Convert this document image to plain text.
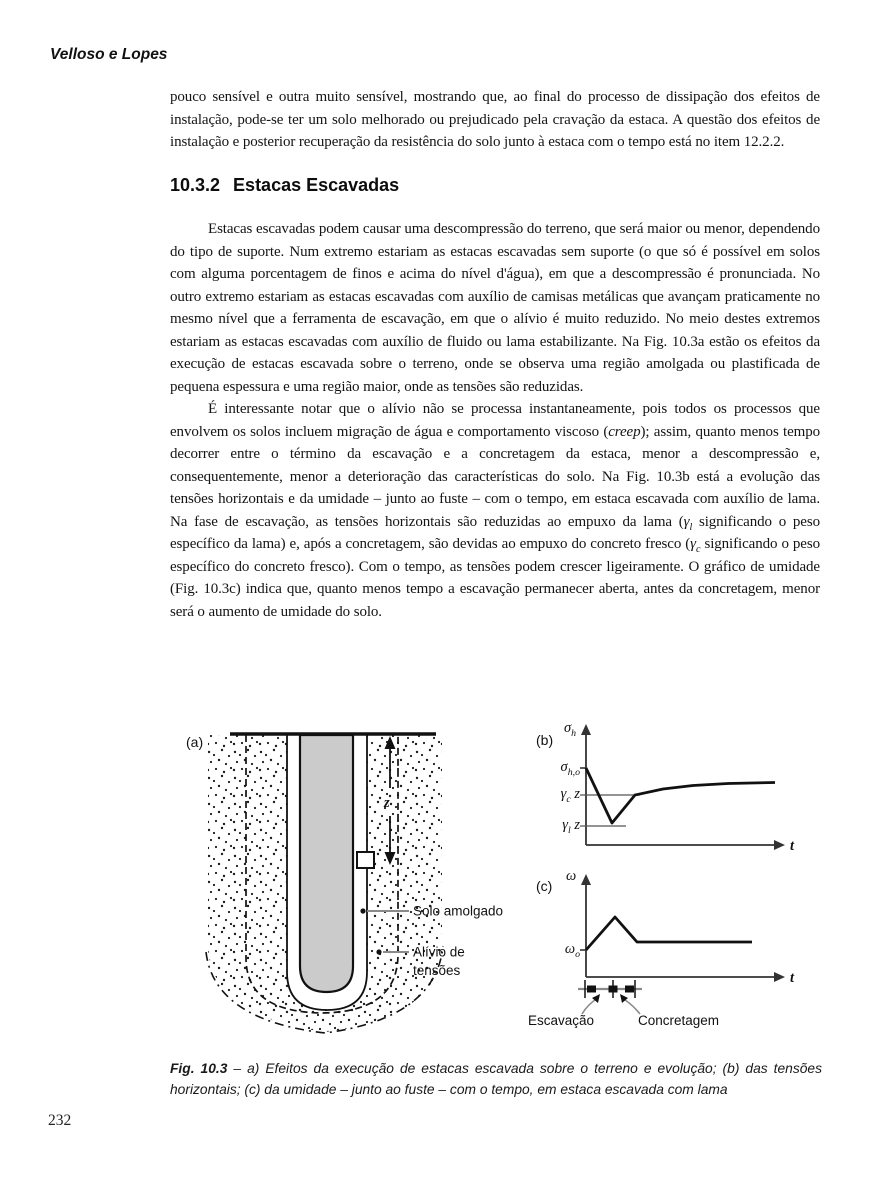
Velloso e Lopes

pouco sensível e outra muito sensível, mostrando que, ao final do processo de dissipação dos efeitos de instalação, pode-se ter um solo melhorado ou prejudicado pela cravação da estaca. A questão dos efeitos de instalação e posterior recuperação da resistência do solo junto à estaca com o tempo está no item 12.2.2.

10.3.2 Estacas Escavadas

Estacas escavadas podem causar uma descompressão do terreno, que será maior ou menor, dependendo do tipo de suporte. Num extremo estariam as estacas escavadas sem suporte (o que só é possível em solos com alguma porcentagem de finos e acima do nível d'água), em que a descompressão é pronunciada. No outro extremo estariam as estacas escavadas com auxílio de camisas metálicas que avançam praticamente no mesmo nível que a ferramenta de escavação, em que o alívio é muito reduzido. No meio destes extremos estariam as estacas escavadas com auxílio de fluido ou lama estabilizante. Na Fig. 10.3a estão os efeitos da execução de estacas escavada sobre o terreno, onde se observa uma região amolgada ou plastificada de pequena espessura e uma região maior, onde as tensões são reduzidas.

É interessante notar que o alívio não se processa instantaneamente, pois todos os processos que envolvem os solos incluem migração de água e comportamento viscoso (creep); assim, quanto menos tempo decorrer entre o término da escavação e a concretagem da estaca, menor a descompressão e, consequentemente, menor a deterioração das características do solo. Na Fig. 10.3b está a evolução das tensões horizontais e da umidade – junto ao fuste – com o tempo, em estaca escavada com auxílio de lama. Na fase de escavação, as tensões horizontais são reduzidas ao empuxo da lama ($\gamma_l$ significando o peso específico da lama) e, após a concretagem, são devidas ao empuxo do concreto fresco ($\gamma_c$ significando o peso específico do concreto fresco). Com o tempo, as tensões podem crescer ligeiramente. O gráfico de umidade (Fig. 10.3c) indica que, quanto menos tempo a escavação permanecer aberta, antes da concretagem, menor será o aumento de umidade do solo.

z
Solo amolgado
Alívio de
tensões
(a)	(b)
t
$\sigma_h$
$\sigma_{h,o}$
$\gamma_c$ z
$\gamma_l$ z
(c)
t
Escavação	Concretagem
ω
$\omega_o$

Fig. 10.3 – a) Efeitos da execução de estacas escavada sobre o terreno e evolução; (b) das tensões horizontais; (c) da umidade – junto ao fuste – com o tempo, em estaca escavada com lama

232
